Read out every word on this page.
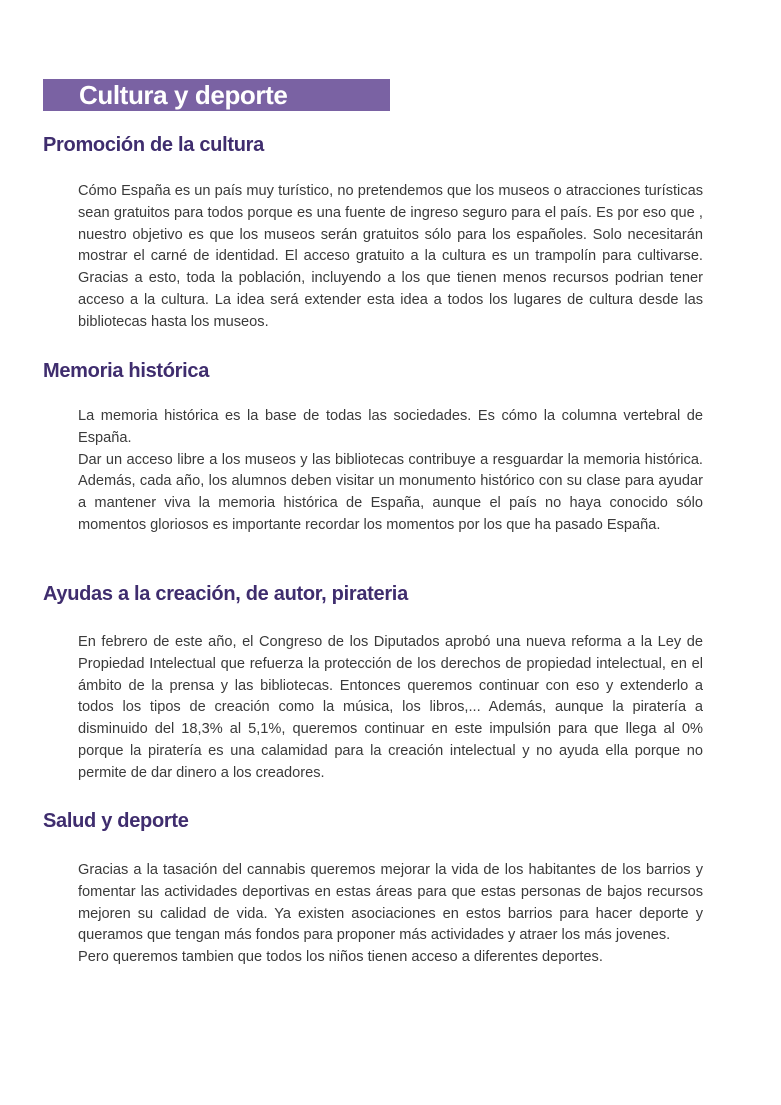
Cultura y deporte
Promoción de la cultura

Cómo España es un país muy turístico, no pretendemos que los museos o atracciones turísticas sean gratuitos para todos porque es una fuente de ingreso seguro para el país. Es por eso que , nuestro objetivo es que los museos serán gratuitos sólo para los españoles. Solo necesitarán mostrar el carné de identidad. El acceso gratuito a la cultura es un trampolín para cultivarse. Gracias a esto, toda la población, incluyendo a los que tienen menos recursos podrian tener acceso a la cultura. La idea será extender esta idea a todos los lugares de cultura desde las bibliotecas hasta los museos.

Memoria histórica

La memoria histórica es la base de todas las sociedades. Es cómo la columna vertebral de España.

Dar un acceso libre a los museos y las bibliotecas contribuye a resguardar la memoria histórica. Además, cada año, los alumnos deben visitar un monumento histórico con su clase para ayudar a mantener viva la memoria histórica de España, aunque el país no haya conocido sólo momentos gloriosos es importante recordar los momentos por los que ha pasado España.

Ayudas a la creación, de autor, pirateria

En febrero de este año, el Congreso de los Diputados aprobó una nueva reforma a la Ley de Propiedad Intelectual que refuerza la protección de los derechos de propiedad intelectual, en el ámbito de la prensa y las bibliotecas. Entonces queremos continuar con eso y extenderlo a todos los tipos de creación como la música, los libros,... Además, aunque la piratería a disminuido del 18,3% al 5,1%, queremos continuar en este impulsión para que llega al 0% porque la piratería es una calamidad para la creación intelectual y no ayuda ella porque no permite de dar dinero a los creadores.

Salud y deporte

Gracias a la tasación del cannabis queremos mejorar la vida de los habitantes de los barrios y fomentar las actividades deportivas en estas áreas para que estas personas de bajos recursos mejoren su calidad de vida. Ya existen asociaciones en estos barrios para hacer deporte y queramos que tengan más fondos para proponer más actividades y atraer los más jovenes.

Pero queremos tambien que todos los niños tienen acceso a diferentes deportes.
